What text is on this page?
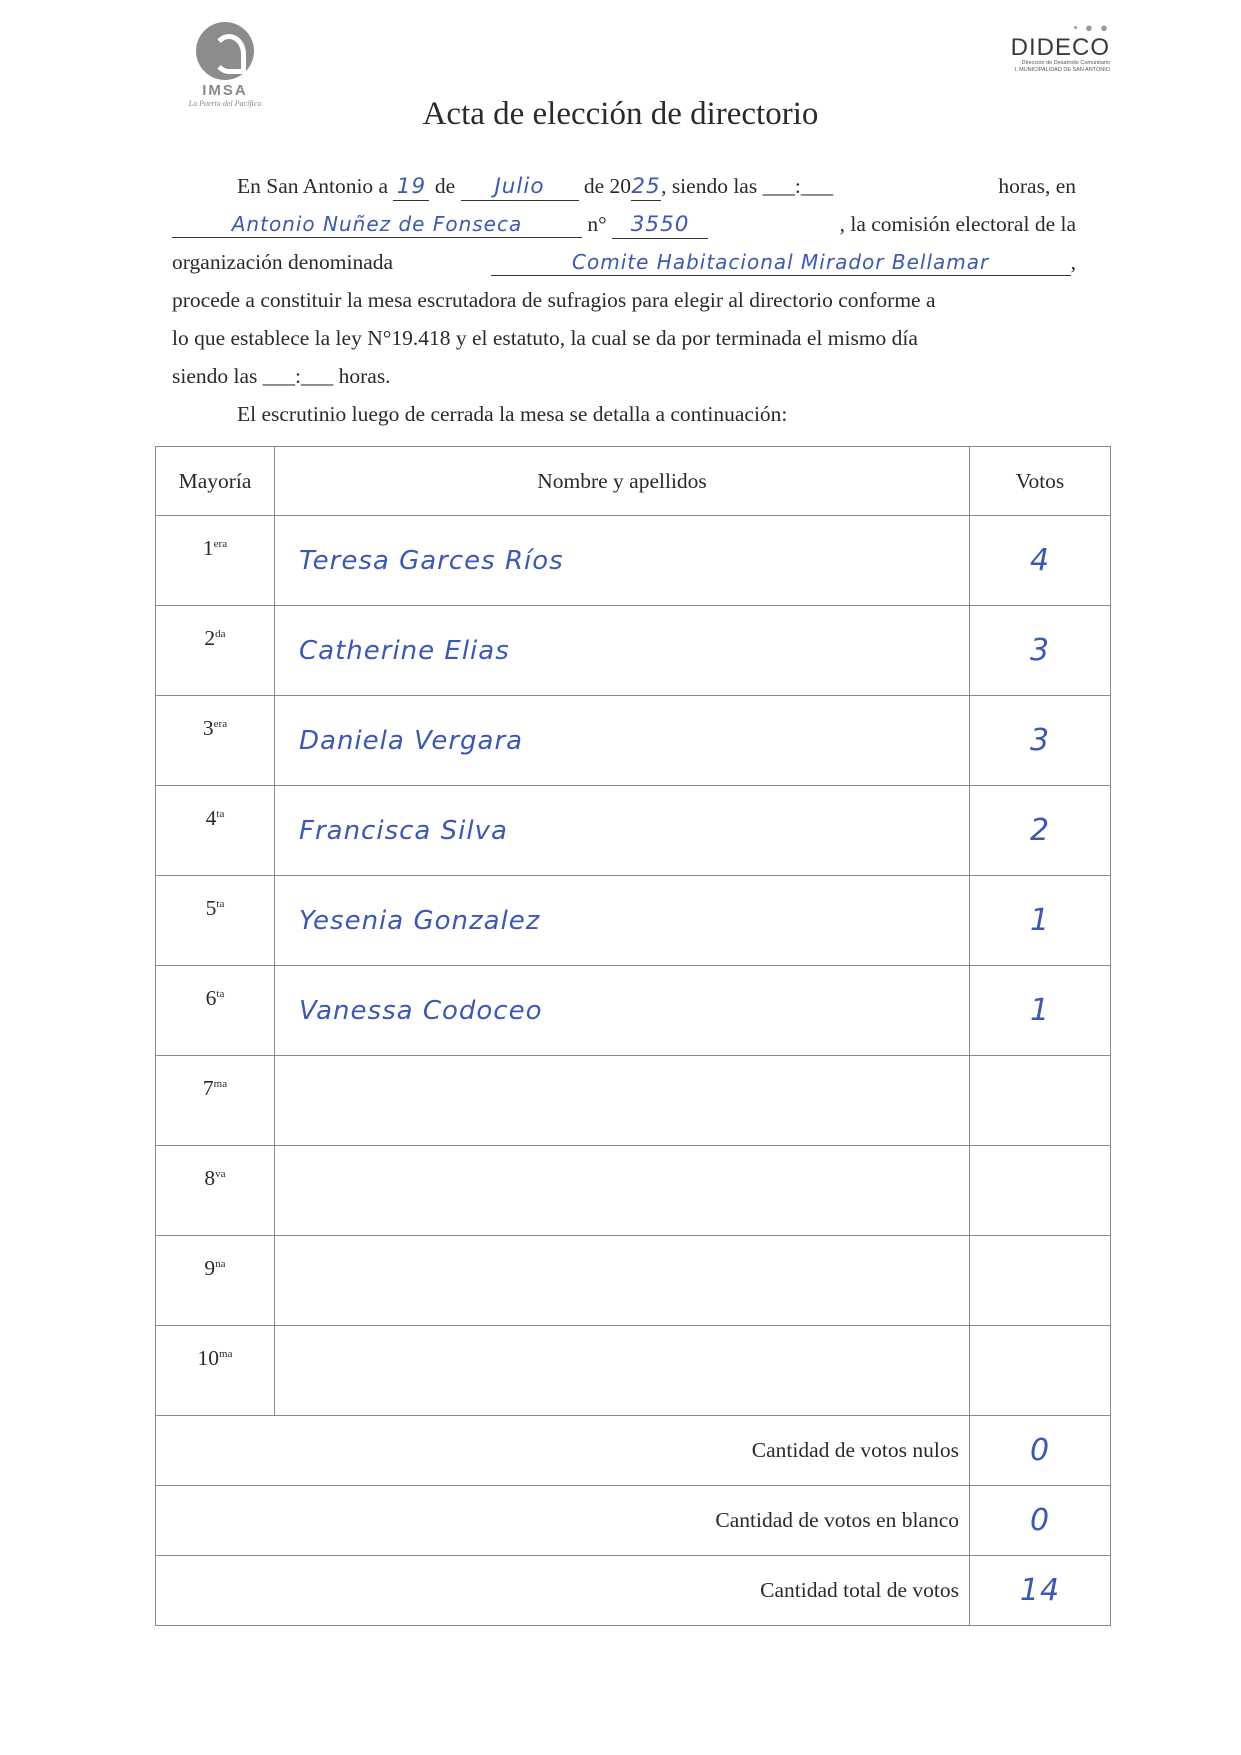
IMSA
La Puerta del Pacífico
• ● ●
DIDECO
Dirección de Desarrollo Comunitario
I. MUNICIPALIDAD DE SAN ANTONIO
Acta de elección de directorio
En San Antonio a 19 de Julio de 2025, siendo las ___:___	horas, en
Antonio Nuñez de Fonseca	n° 3550	, la comisión electoral de la
organización denominada	Comite Habitacional Mirador Bellamar	,
procede a constituir la mesa escrutadora de sufragios para elegir al directorio conforme a
lo que establece la ley N°19.418 y el estatuto, la cual se da por terminada el mismo día
siendo las ___:___ horas.
El escrutinio luego de cerrada la mesa se detalla a continuación:
Mayoría	Nombre y apellidos	Votos
$1^{era}$	Teresa Garces Ríos	4
$2^{da}$	Catherine Elias	3
$3^{era}$	Daniela Vergara	3
$4^{ta}$	Francisca Silva	2
$5^{ta}$	Yesenia Gonzalez	1
$6^{ta}$	Vanessa Codoceo	1
$7^{ma}$		
$8^{va}$		
$9^{na}$		
$10^{ma}$		
Cantidad de votos nulos		0
Cantidad de votos en blanco		0
Cantidad total de votos		14
